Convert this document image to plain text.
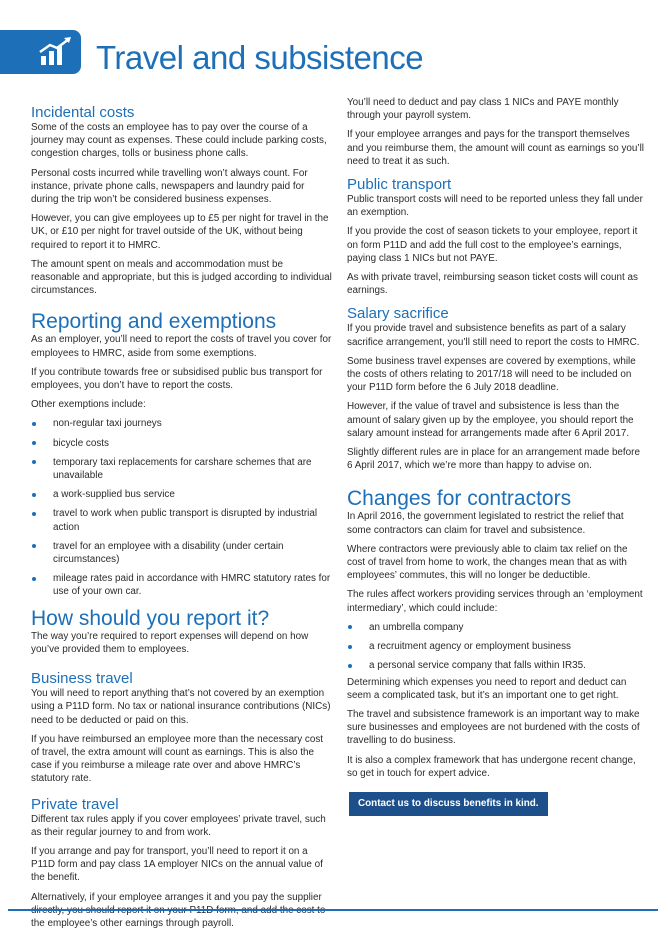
Travel and subsistence
Incidental costs

Some of the costs an employee has to pay over the course of a journey may count as expenses. These could include parking costs, congestion charges, tolls or business phone calls.

Personal costs incurred while travelling won’t always count. For instance, private phone calls, newspapers and laundry paid for during the trip won’t be considered business expenses.

However, you can give employees up to £5 per night for travel in the UK, or £10 per night for travel outside of the UK, without being required to report it to HMRC.

The amount spent on meals and accommodation must be reasonable and appropriate, but this is judged according to individual circumstances.

Reporting and exemptions

As an employer, you’ll need to report the costs of travel you cover for employees to HMRC, aside from some exemptions.

If you contribute towards free or subsidised public bus transport for employees, you don’t have to report the costs.

Other exemptions include:

non-regular taxi journeys
bicycle costs
temporary taxi replacements for carshare schemes that are unavailable
a work-supplied bus service
travel to work when public transport is disrupted by industrial action
travel for an employee with a disability (under certain circumstances)
mileage rates paid in accordance with HMRC statutory rates for use of your own car.
How should you report it?

The way you’re required to report expenses will depend on how you’ve provided them to employees.

Business travel

You will need to report anything that’s not covered by an exemption using a P11D form. No tax or national insurance contributions (NICs) need to be deducted or paid on this.

If you have reimbursed an employee more than the necessary cost of travel, the extra amount will count as earnings. This is also the case if you reimburse a mileage rate over and above HMRC’s statutory rate.

Private travel

Different tax rules apply if you cover employees’ private travel, such as their regular journey to and from work.

If you arrange and pay for transport, you’ll need to report it on a P11D form and pay class 1A employer NICs on the annual value of the benefit.

Alternatively, if your employee arranges it and you pay the supplier the employee’s other earnings through payroll.

You’ll need to deduct and pay class 1 NICs and PAYE monthly through your payroll system.

If your employee arranges and pays for the transport themselves and you reimburse them, the amount will count as earnings so you’ll need to treat it as such.

Public transport

Public transport costs will need to be reported unless they fall under an exemption.

If you provide the cost of season tickets to your employee, report it on form P11D and add the full cost to the employee’s earnings, paying class 1 NICs but not PAYE.

As with private travel, reimbursing season ticket costs will count as earnings.

Salary sacrifice

If you provide travel and subsistence benefits as part of a salary sacrifice arrangement, you’ll still need to report the costs to HMRC.

Some business travel expenses are covered by exemptions, while the costs of others relating to 2017/18 will need to be included on your P11D form before the 6 July 2018 deadline.

However, if the value of travel and subsistence is less than the amount of salary given up by the employee, you should report the salary amount instead for arrangements made after 6 April 2017.

Slightly different rules are in place for an arrangement made before 6 April 2017, which we’re more than happy to advise on.

Changes for contractors

In April 2016, the government legislated to restrict the relief that some contractors can claim for travel and subsistence.

Where contractors were previously able to claim tax relief on the cost of travel from home to work, the changes mean that as with employees’ commutes, this will no longer be deductible.

The rules affect workers providing services through an ‘employment intermediary’, which could include:

an umbrella company
a recruitment agency or employment business
a personal service company that falls within IR35.

Determining which expenses you need to report and deduct can seem a complicated task, but it’s an important one to get right.

The travel and subsistence framework is an important way to make sure businesses and employees are not burdened with the costs of travelling to do business.

It is also a complex framework that has undergone recent change, so get in touch for expert advice.

Contact us to discuss benefits in kind.
